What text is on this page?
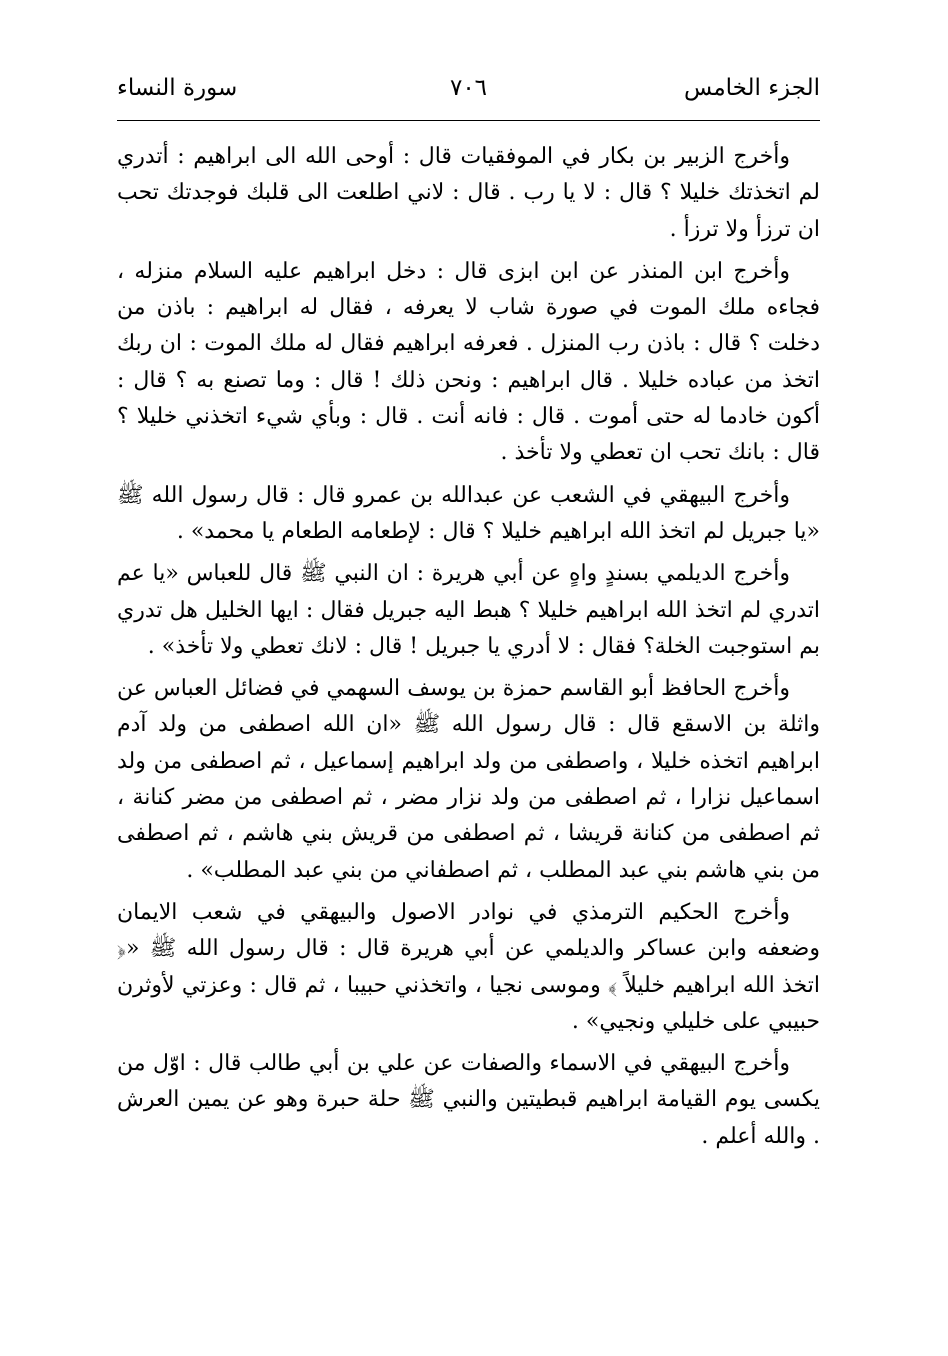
الجزء الخامس
٧٠٦
سورة النساء

وأخرج الزبير بن بكار في الموفقيات قال : أوحى الله الى ابراهيم : أتدري لم اتخذتك خليلا ؟ قال : لا يا رب . قال : لاني اطلعت الى قلبك فوجدتك تحب ان ترزأ ولا ترزأ .

وأخرج ابن المنذر عن ابن ابزى قال : دخل ابراهيم عليه السلام منزله ، فجاءه ملك الموت في صورة شاب لا يعرفه ، فقال له ابراهيم : باذن من دخلت ؟ قال : باذن رب المنزل . فعرفه ابراهيم فقال له ملك الموت : ان ربك اتخذ من عباده خليلا . قال ابراهيم : ونحن ذلك ! قال : وما تصنع به ؟ قال : أكون خادما له حتى أموت . قال : فانه أنت . قال : وبأي شيء اتخذني خليلا ؟ قال : بانك تحب ان تعطي ولا تأخذ .

وأخرج البيهقي في الشعب عن عبدالله بن عمرو قال : قال رسول الله ﷺ «يا جبريل لم اتخذ الله ابراهيم خليلا ؟ قال : لإطعامه الطعام يا محمد» .

وأخرج الديلمي بسندٍ واهٍ عن أبي هريرة : ان النبي ﷺ قال للعباس «يا عم اتدري لم اتخذ الله ابراهيم خليلا ؟ هبط اليه جبريل فقال : ايها الخليل هل تدري بم استوجبت الخلة؟ فقال : لا أدري يا جبريل ! قال : لانك تعطي ولا تأخذ» .

وأخرج الحافظ أبو القاسم حمزة بن يوسف السهمي في فضائل العباس عن واثلة بن الاسقع قال : قال رسول الله ﷺ «ان الله اصطفى من ولد آدم ابراهيم اتخذه خليلا ، واصطفى من ولد ابراهيم إسماعيل ، ثم اصطفى من ولد اسماعيل نزارا ، ثم اصطفى من ولد نزار مضر ، ثم اصطفى من مضر كنانة ، ثم اصطفى من كنانة قريشا ، ثم اصطفى من قريش بني هاشم ، ثم اصطفى من بني هاشم بني عبد المطلب ، ثم اصطفاني من بني عبد المطلب» .

وأخرج الحكيم الترمذي في نوادر الاصول والبيهقي في شعب الايمان وضعفه وابن عساكر والديلمي عن أبي هريرة قال : قال رسول الله ﷺ «﴿ اتخذ الله ابراهيم خليلاً ﴾ وموسى نجيا ، واتخذني حبيبا ، ثم قال : وعزتي لأوثرن حبيبي على خليلي ونجيي» .

وأخرج البيهقي في الاسماء والصفات عن علي بن أبي طالب قال : اوّل من يكسى يوم القيامة ابراهيم قبطيتين والنبي ﷺ حلة حبرة وهو عن يمين العرش . والله أعلم .
